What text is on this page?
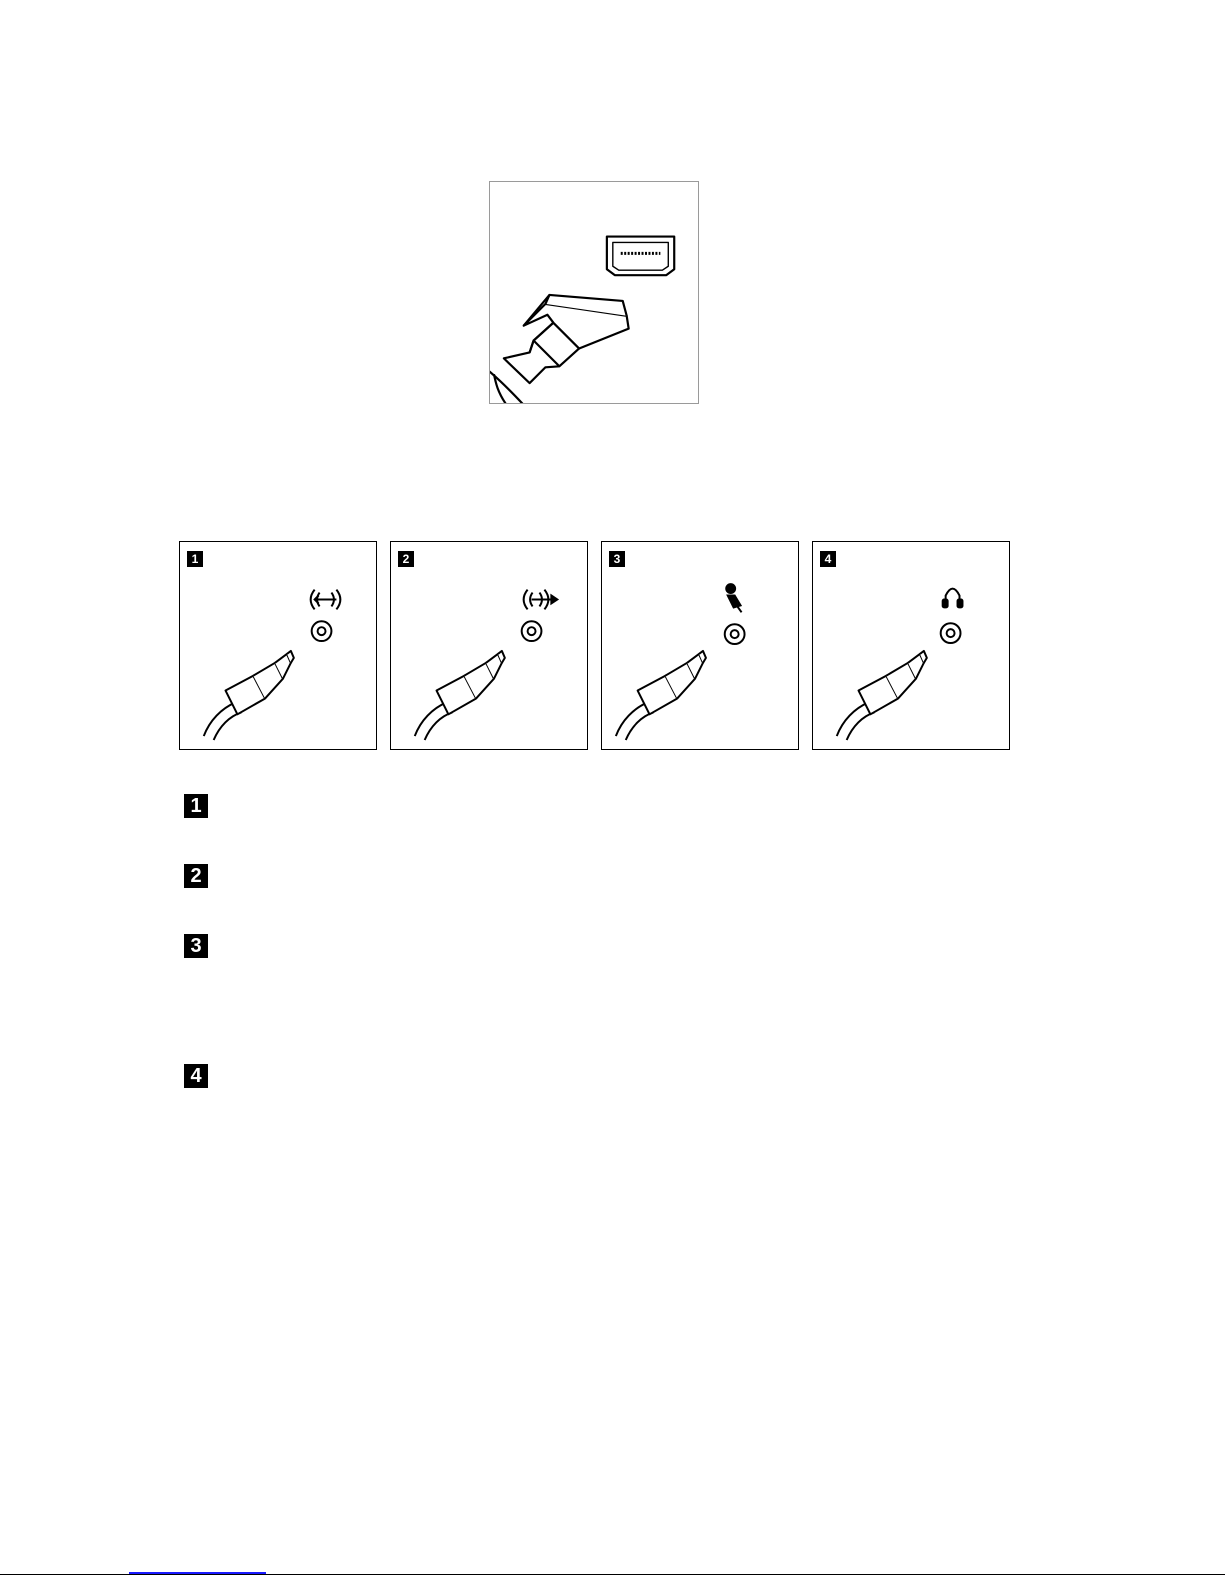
1	2	3	4
1
2
3
4
